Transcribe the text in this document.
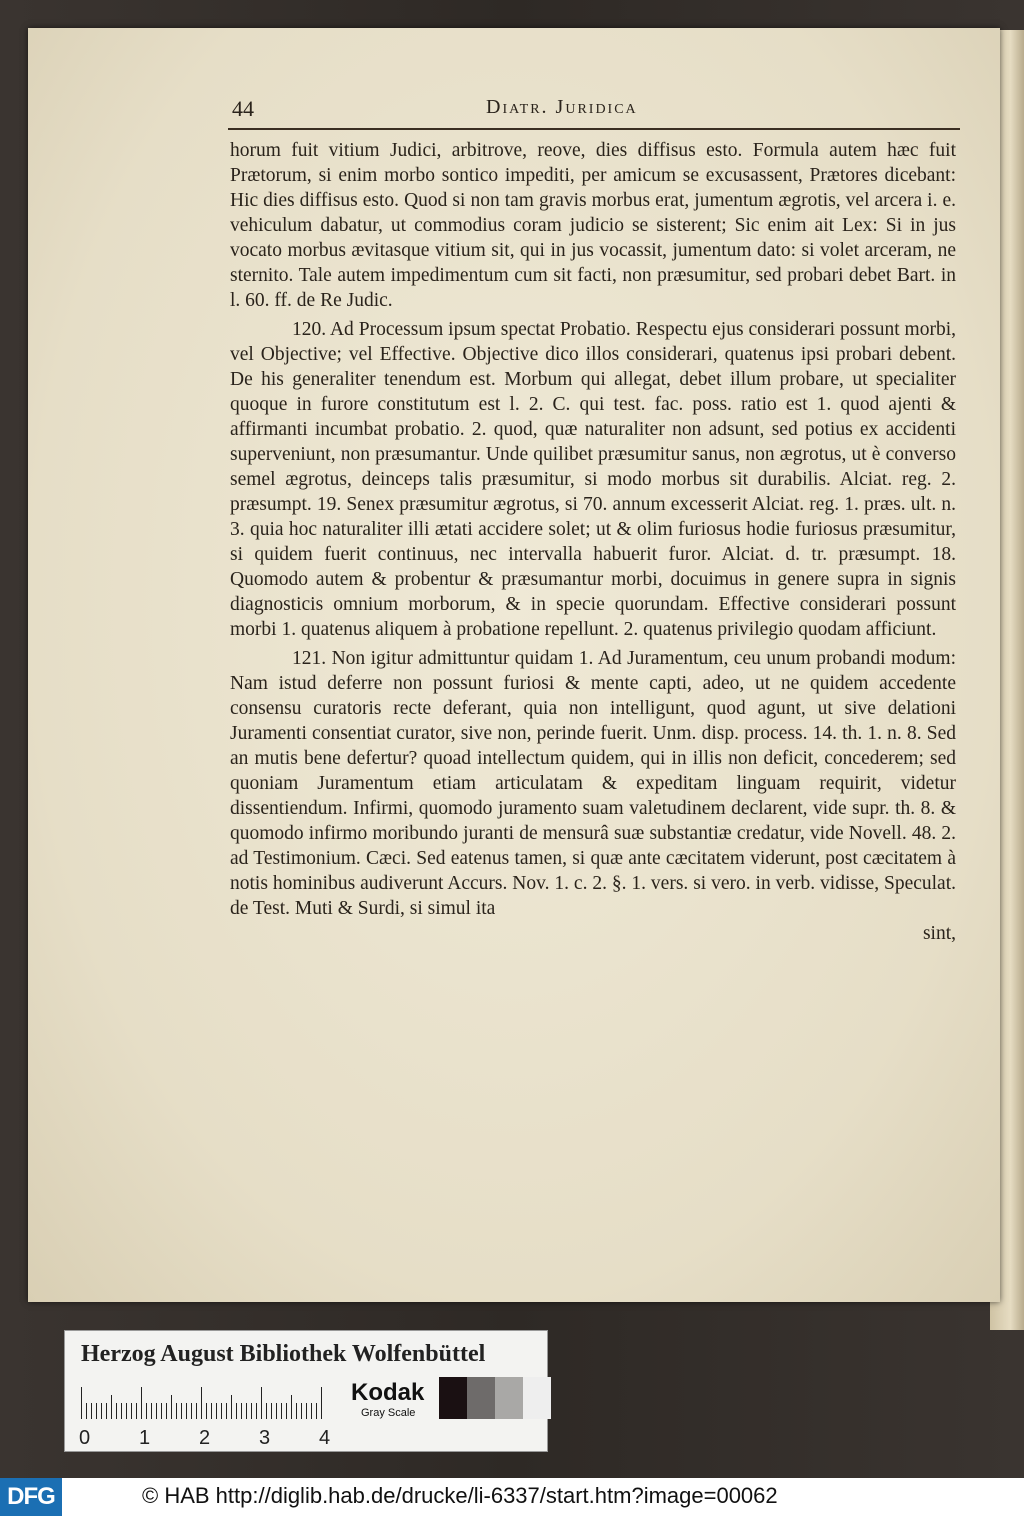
44	Diatr. Juridica

horum fuit vitium Judici, arbitrove, reove, dies diffisus esto. Formula autem hæc fuit Prætorum, si enim morbo sontico impediti, per amicum se excusassent, Prætores dicebant: Hic dies diffisus esto. Quod si non tam gravis morbus erat, jumentum ægrotis, vel arcera i. e. vehiculum dabatur, ut commodius coram judicio se sisterent; Sic enim ait Lex: Si in jus vocato morbus ævitasque vitium sit, qui in jus vocassit, jumentum dato: si volet arceram, ne sternito. Tale autem impedimentum cum sit facti, non præsumitur, sed probari debet Bart. in l. 60. ff. de Re Judic.

120. Ad Processum ipsum spectat Probatio. Respectu ejus considerari possunt morbi, vel Objective; vel Effective. Objective dico illos considerari, quatenus ipsi probari debent. De his generaliter tenendum est. Morbum qui allegat, debet illum probare, ut specialiter quoque in furore constitutum est l. 2. C. qui test. fac. poss. ratio est 1. quod ajenti & affirmanti incumbat probatio. 2. quod, quæ naturaliter non adsunt, sed potius ex accidenti superveniunt, non præsumantur. Unde quilibet præsumitur sanus, non ægrotus, ut è converso semel ægrotus, deinceps talis præsumitur, si modo morbus sit durabilis. Alciat. reg. 2. præsumpt. 19. Senex præsumitur ægrotus, si 70. annum excesserit Alciat. reg. 1. præs. ult. n. 3. quia hoc naturaliter illi ætati accidere solet; ut & olim furiosus hodie furiosus præsumitur, si quidem fuerit continuus, nec intervalla habuerit furor. Alciat. d. tr. præsumpt. 18. Quomodo autem & probentur & præsumantur morbi, docuimus in genere supra in signis diagnosticis omnium morborum, & in specie quorundam. Effective considerari possunt morbi 1. quatenus aliquem à probatione repellunt. 2. quatenus privilegio quodam afficiunt.

121. Non igitur admittuntur quidam 1. Ad Juramentum, ceu unum probandi modum: Nam istud deferre non possunt furiosi & mente capti, adeo, ut ne quidem accedente consensu curatoris recte deferant, quia non intelligunt, quod agunt, ut sive delationi Juramenti consentiat curator, sive non, perinde fuerit. Unm. disp. process. 14. th. 1. n. 8. Sed an mutis bene defertur? quoad intellectum quidem, qui in illis non deficit, concederem; sed quoniam Juramentum etiam articulatam & expeditam linguam requirit, videtur dissentiendum. Infirmi, quomodo juramento suam valetudinem declarent, vide supr. th. 8. & quomodo infirmo moribundo juranti de mensurâ suæ substantiæ credatur, vide Novell. 48. 2. ad Testimonium. Cæci. Sed eatenus tamen, si quæ ante cæcitatem viderunt, post cæcitatem à notis hominibus audiverunt Accurs. Nov. 1. c. 2. §. 1. vers. si vero. in verb. vidisse, Speculat. de Test. Muti & Surdi, si simul ita

sint,

Herzog August Bibliothek Wolfenbüttel
0 1 2 3 4
Kodak
Gray Scale
DFG	© HAB http://diglib.hab.de/drucke/li-6337/start.htm?image=00062
